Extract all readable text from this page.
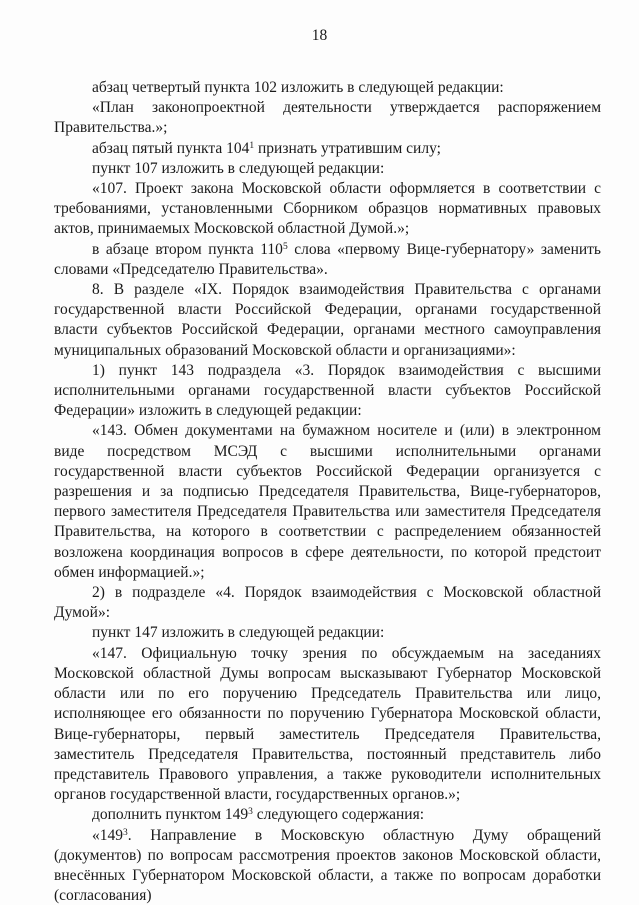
18

абзац четвертый пункта 102 изложить в следующей редакции:

«План законопроектной деятельности утверждается распоряжением Правительства.»;

абзац пятый пункта $104^1$ признать утратившим силу;

пункт 107 изложить в следующей редакции:

«107. Проект закона Московской области оформляется в соответствии с требованиями, установленными Сборником образцов нормативных правовых актов, принимаемых Московской областной Думой.»;

в абзаце втором пункта $110^5$ слова «первому Вице-губернатору» заменить словами «Председателю Правительства».

8. В разделе «IX. Порядок взаимодействия Правительства с органами государственной власти Российской Федерации, органами государственной власти субъектов Российской Федерации, органами местного самоуправления муниципальных образований Московской области и организациями»:

1) пункт 143 подраздела «3. Порядок взаимодействия с высшими исполнительными органами государственной власти субъектов Российской Федерации» изложить в следующей редакции:

«143. Обмен документами на бумажном носителе и (или) в электронном виде посредством МСЭД с высшими исполнительными органами государственной власти субъектов Российской Федерации организуется с разрешения и за подписью Председателя Правительства, Вице-губернаторов, первого заместителя Председателя Правительства или заместителя Председателя Правительства, на которого в соответствии с распределением обязанностей возложена координация вопросов в сфере деятельности, по которой предстоит обмен информацией.»;

2) в подразделе «4. Порядок взаимодействия с Московской областной Думой»:

пункт 147 изложить в следующей редакции:

«147. Официальную точку зрения по обсуждаемым на заседаниях Московской областной Думы вопросам высказывают Губернатор Московской области или по его поручению Председатель Правительства или лицо, исполняющее его обязанности по поручению Губернатора Московской области, Вице-губернаторы, первый заместитель Председателя Правительства, заместитель Председателя Правительства, постоянный представитель либо представитель Правового управления, а также руководители исполнительных органов государственной власти, государственных органов.»;

дополнить пунктом $149^3$ следующего содержания:

«$149^3$. Направление в Московскую областную Думу обращений (документов) по вопросам рассмотрения проектов законов Московской области, внесённых Губернатором Московской области, а также по вопросам доработки (согласования)
